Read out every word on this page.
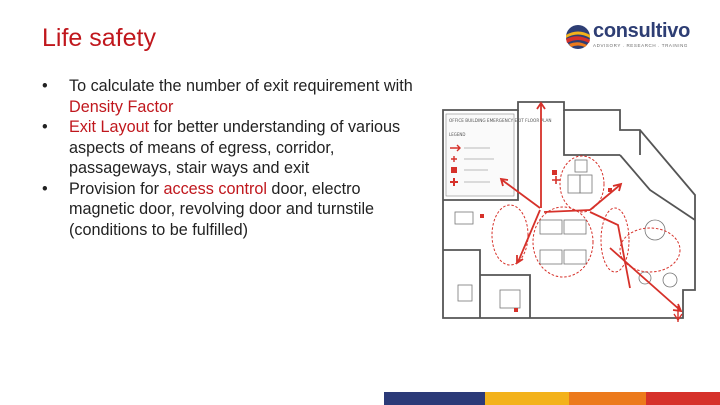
Life safety	consultivo
ADVISORY . RESEARCH . TRAINING
• To calculate the number of exit requirement with Density Factor
• Exit Layout for better understanding of various aspects of means of egress, corridor, passageways, stair ways and exit
• Provision for access control door, electro magnetic door, revolving door and turnstile (conditions to be fulfilled)
OFFICE BUILDING EMERGENCY EXIT FLOOR PLAN
LEGEND
